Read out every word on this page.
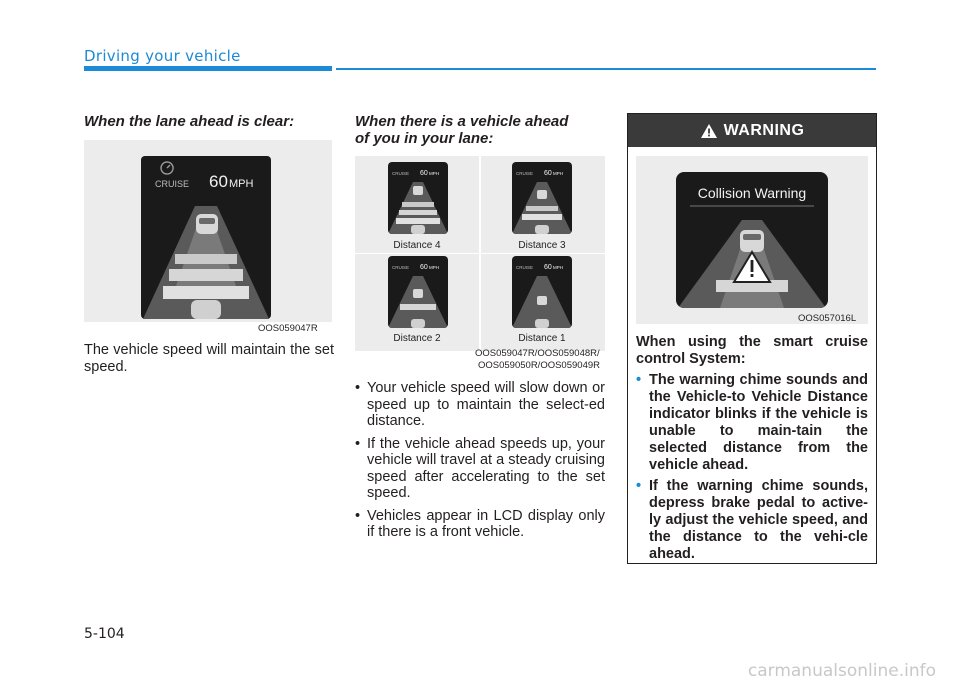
Driving your vehicle
When the lane ahead is clear:
CRUISE 60 MPH
OOS059047R
The vehicle speed will maintain the set speed.
When there is a vehicle ahead
of you in your lane:
CRUISE 60 MPH
Distance 4
CRUISE 60 MPH
Distance 3
CRUISE 60 MPH
Distance 2
CRUISE 60 MPH
Distance 1
OOS059047R/OOS059048R/
OOS059050R/OOS059049R
• Your vehicle speed will slow down or speed up to maintain the select-ed distance.
• If the vehicle ahead speeds up, your vehicle will travel at a steady cruising speed after accelerating to the set speed.
• Vehicles appear in LCD display only if there is a front vehicle.
WARNING
Collision Warning
OOS057016L
When using the smart cruise control System:
• The warning chime sounds and the Vehicle-to Vehicle Distance indicator blinks if the vehicle is unable to main-tain the selected distance from the vehicle ahead.
• If the warning chime sounds, depress brake pedal to active-ly adjust the vehicle speed, and the distance to the vehi-cle ahead.
5-104
carmanualsonline.info
